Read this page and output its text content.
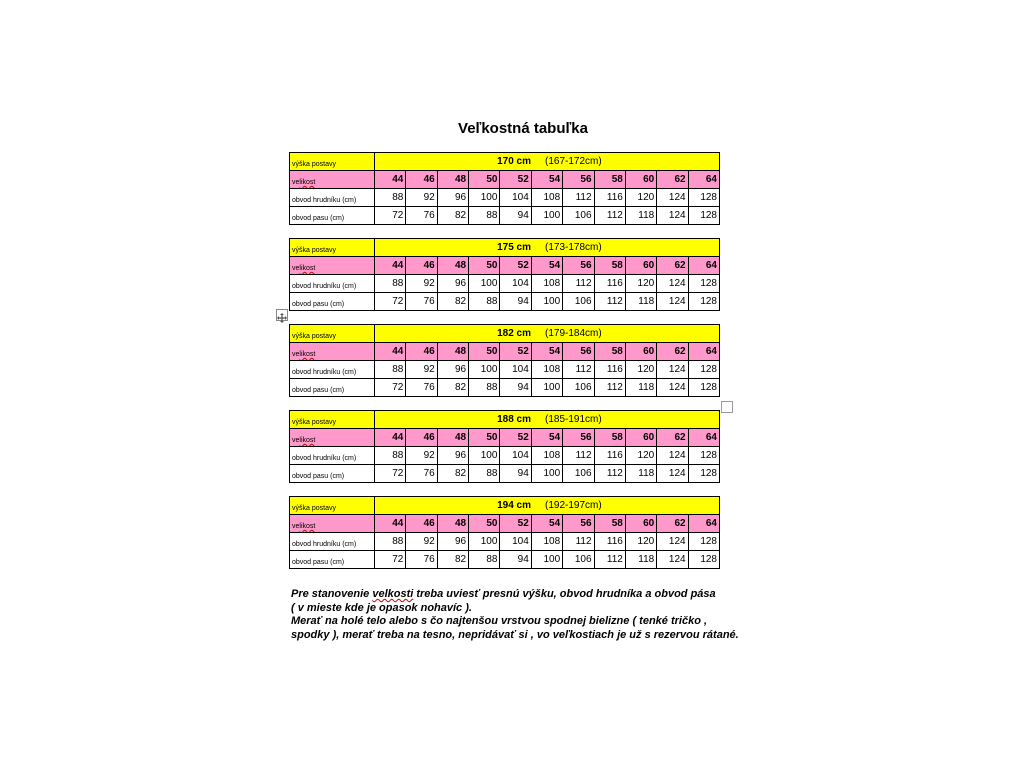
Veľkostná tabuľka
výška postavy	170 cm (167-172cm)										
velikost	44	46	48	50	52	54	56	58	60	62	64
obvod hrudníku (cm)	88	92	96	100	104	108	112	116	120	124	128
obvod pasu (cm)	72	76	82	88	94	100	106	112	118	124	128
výška postavy	175 cm (173-178cm)										
velikost	44	46	48	50	52	54	56	58	60	62	64
obvod hrudníku (cm)	88	92	96	100	104	108	112	116	120	124	128
obvod pasu (cm)	72	76	82	88	94	100	106	112	118	124	128
výška postavy	182 cm (179-184cm)										
velikost	44	46	48	50	52	54	56	58	60	62	64
obvod hrudníku (cm)	88	92	96	100	104	108	112	116	120	124	128
obvod pasu (cm)	72	76	82	88	94	100	106	112	118	124	128
výška postavy	188 cm (185-191cm)										
velikost	44	46	48	50	52	54	56	58	60	62	64
obvod hrudníku (cm)	88	92	96	100	104	108	112	116	120	124	128
obvod pasu (cm)	72	76	82	88	94	100	106	112	118	124	128
výška postavy	194 cm (192-197cm)										
velikost	44	46	48	50	52	54	56	58	60	62	64
obvod hrudníku (cm)	88	92	96	100	104	108	112	116	120	124	128
obvod pasu (cm)	72	76	82	88	94	100	106	112	118	124	128

Pre stanovenie velkosti treba uviesť presnú výšku, obvod hrudníka a obvod pása

( v mieste kde je opasok nohavíc ).

Merať na holé telo alebo s čo najtenšou vrstvou spodnej bielizne ( tenké tričko ,

spodky ), merať treba na tesno, nepridávať si , vo veľkostiach je už s rezervou rátané.
